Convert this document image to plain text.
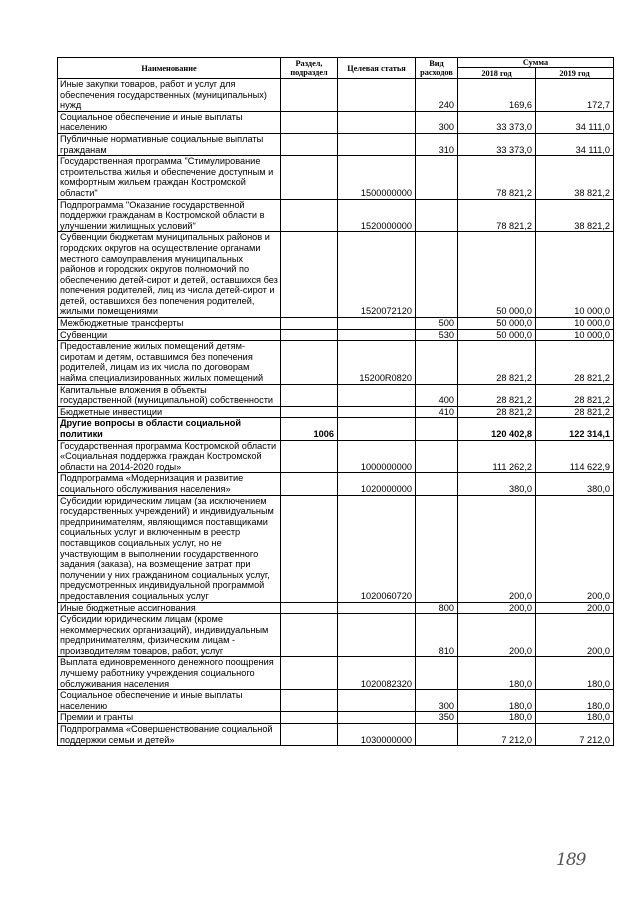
Наименование	Раздел, подраздел	Целевая статья	Вид расходов	Сумма	
				2018 год	2019 год
Иные закупки товаров, работ и услуг для обеспечения государственных (муниципальных) нужд			240	169,6	172,7
Социальное обеспечение и иные выплаты населению			300	33 373,0	34 111,0
Публичные нормативные социальные выплаты гражданам			310	33 373,0	34 111,0
Государственная программа "Стимулирование строительства жилья и обеспечение доступным и комфортным жильем граждан Костромской области"		1500000000		78 821,2	38 821,2
Подпрограмма "Оказание государственной поддержки гражданам в Костромской области в улучшении жилищных условий"		1520000000		78 821,2	38 821,2
Субвенции бюджетам муниципальных районов и городских округов на осуществление органами местного самоуправления муниципальных районов и городских округов полномочий по обеспечению детей-сирот и детей, оставшихся без попечения родителей, лиц из числа детей-сирот и детей, оставшихся без попечения родителей, жилыми помещениями		1520072120		50 000,0	10 000,0
Межбюджетные трансферты			500	50 000,0	10 000,0
Субвенции			530	50 000,0	10 000,0
Предоставление жилых помещений детям-сиротам и детям, оставшимся без попечения родителей, лицам из их числа по договорам найма специализированных жилых помещений		15200R0820		28 821,2	28 821,2
Капитальные вложения в объекты государственной (муниципальной) собственности			400	28 821,2	28 821,2
Бюджетные инвестиции			410	28 821,2	28 821,2
Другие вопросы в области социальной политики	1006			120 402,8	122 314,1
Государственная программа Костромской области «Социальная поддержка граждан Костромской области на 2014-2020 годы»		1000000000		111 262,2	114 622,9
Подпрограмма «Модернизация и развитие социального обслуживания населения»		1020000000		380,0	380,0
Субсидии юридическим лицам (за исключением государственных учреждений) и индивидуальным предпринимателям, являющимся поставщиками социальных услуг и включенным в реестр поставщиков социальных услуг, но не участвующим в выполнении государственного задания (заказа), на возмещение затрат при получении у них гражданином социальных услуг, предусмотренных индивидуальной программой предоставления социальных услуг		1020060720		200,0	200,0
Иные бюджетные ассигнования			800	200,0	200,0
Субсидии юридическим лицам (кроме некоммерческих организаций), индивидуальным предпринимателям, физическим лицам - производителям товаров, работ, услуг			810	200,0	200,0
Выплата единовременного денежного поощрения лучшему работнику учреждения социального обслуживания населения		1020082320		180,0	180,0
Социальное обеспечение и иные выплаты населению			300	180,0	180,0
Премии и гранты			350	180,0	180,0
Подпрограмма «Совершенствование социальной поддержки семьи и детей»		1030000000		7 212,0	7 212,0
189
